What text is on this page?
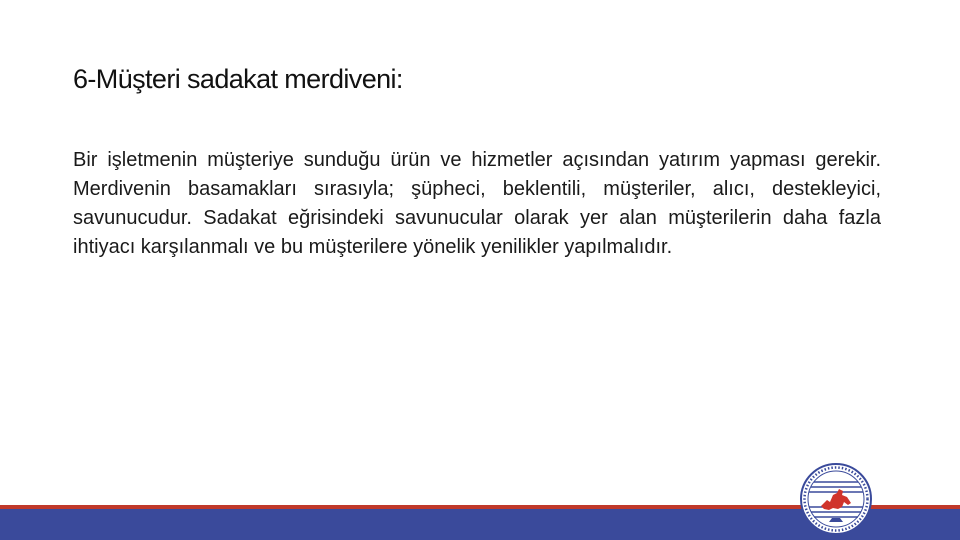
6-Müşteri sadakat merdiveni:

Bir işletmenin müşteriye sunduğu ürün ve hizmetler açısından yatırım yapması gerekir. Merdivenin basamakları sırasıyla; şüpheci, beklentili, müşteriler, alıcı, destekleyici, savunucudur. Sadakat eğrisindeki savunucular olarak yer alan müşterilerin daha fazla ihtiyacı karşılanmalı ve bu müşterilere yönelik yenilikler yapılmalıdır.
